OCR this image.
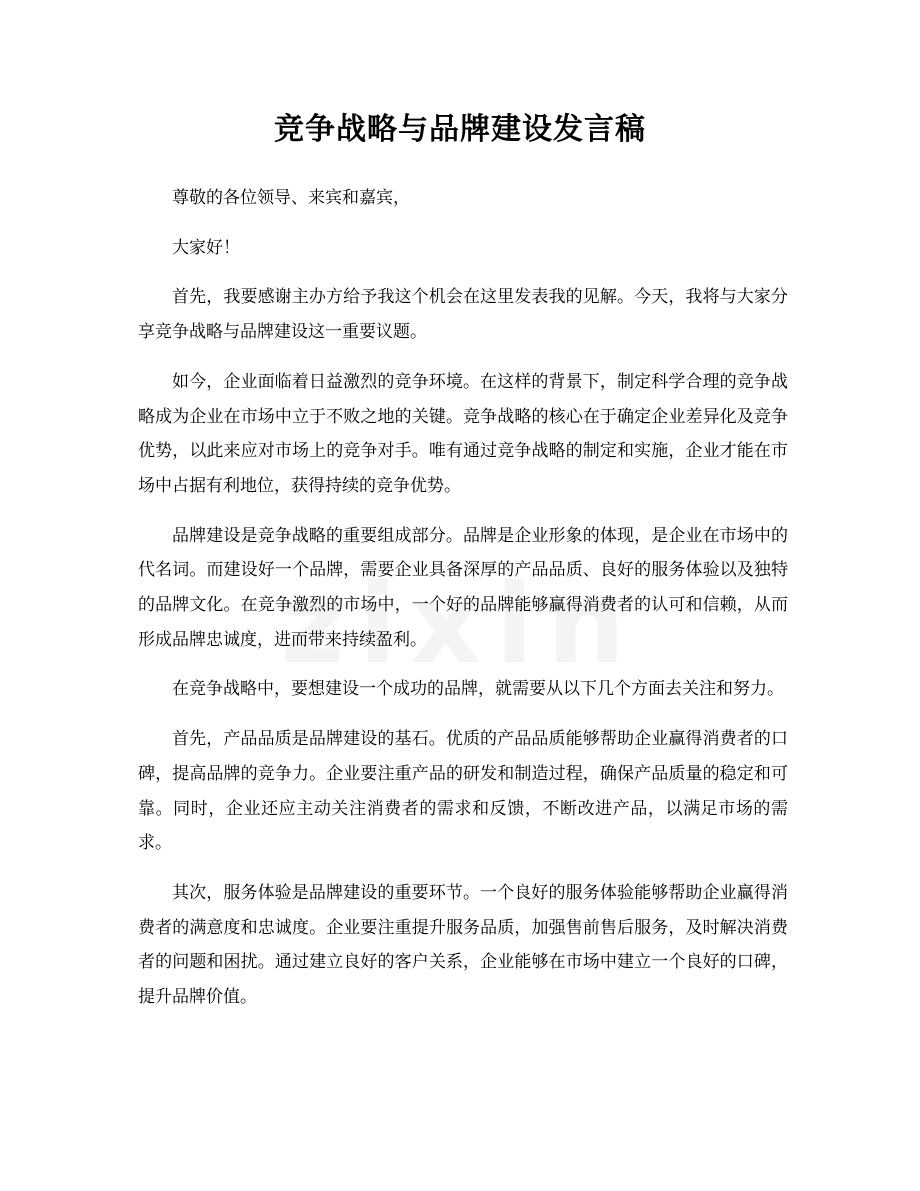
竞争战略与品牌建设发言稿

尊敬的各位领导、来宾和嘉宾，

大家好！

首先，我要感谢主办方给予我这个机会在这里发表我的见解。今天，我将与大家分享竞争战略与品牌建设这一重要议题。

如今，企业面临着日益激烈的竞争环境。在这样的背景下，制定科学合理的竞争战略成为企业在市场中立于不败之地的关键。竞争战略的核心在于确定企业差异化及竞争优势，以此来应对市场上的竞争对手。唯有通过竞争战略的制定和实施，企业才能在市场中占据有利地位，获得持续的竞争优势。

品牌建设是竞争战略的重要组成部分。品牌是企业形象的体现，是企业在市场中的代名词。而建设好一个品牌，需要企业具备深厚的产品品质、良好的服务体验以及独特的品牌文化。在竞争激烈的市场中，一个好的品牌能够赢得消费者的认可和信赖，从而形成品牌忠诚度，进而带来持续盈利。

在竞争战略中，要想建设一个成功的品牌，就需要从以下几个方面去关注和努力。

首先，产品品质是品牌建设的基石。优质的产品品质能够帮助企业赢得消费者的口碑，提高品牌的竞争力。企业要注重产品的研发和制造过程，确保产品质量的稳定和可靠。同时，企业还应主动关注消费者的需求和反馈，不断改进产品，以满足市场的需求。

其次，服务体验是品牌建设的重要环节。一个良好的服务体验能够帮助企业赢得消费者的满意度和忠诚度。企业要注重提升服务品质，加强售前售后服务，及时解决消费者的问题和困扰。通过建立良好的客户关系，企业能够在市场中建立一个良好的口碑，提升品牌价值。
